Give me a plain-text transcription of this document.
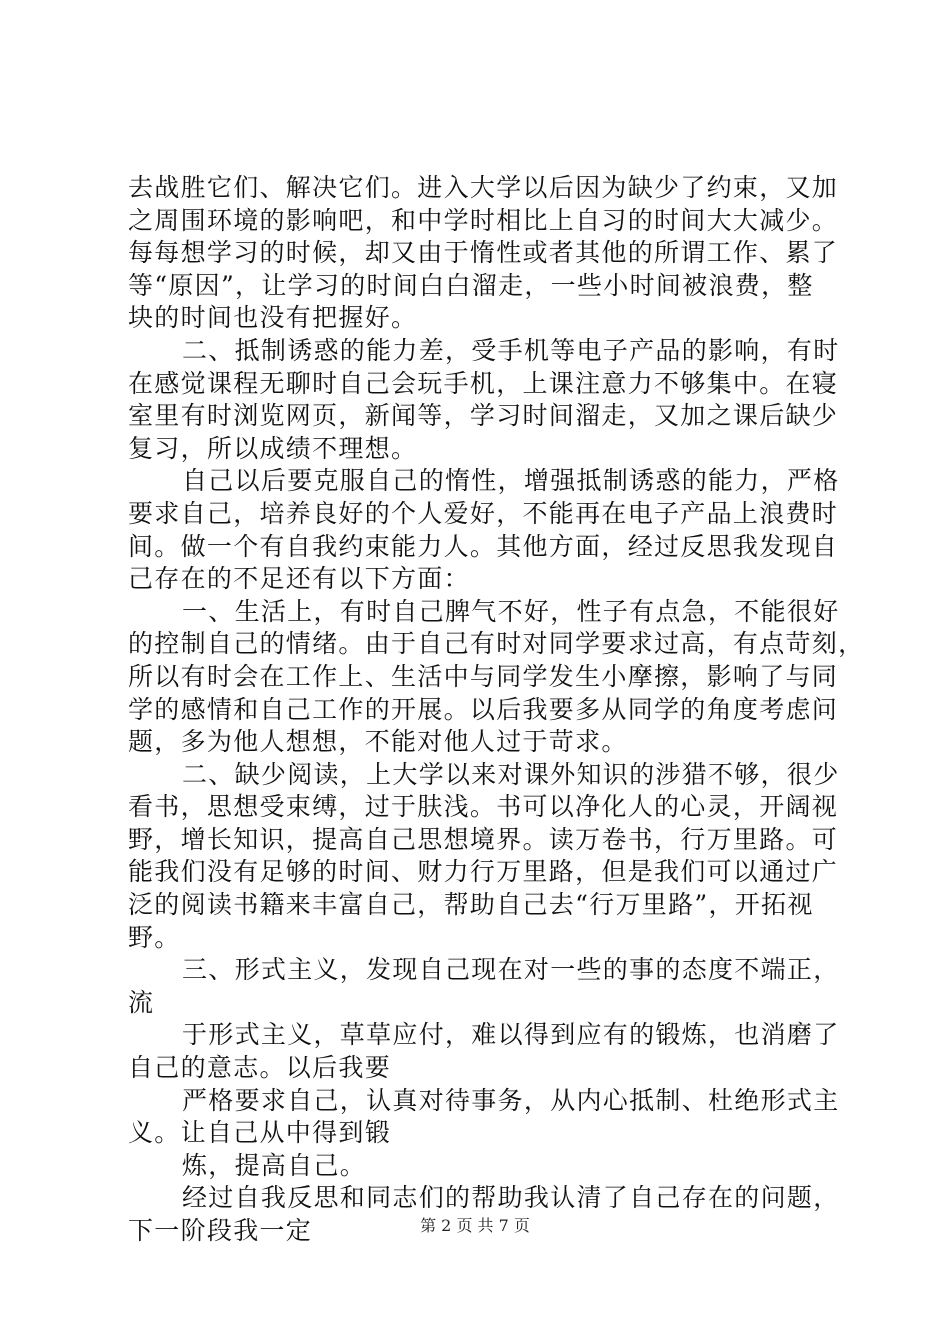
去战胜它们、解决它们。进入大学以后因为缺少了约束，又加
之周围环境的影响吧，和中学时相比上自习的时间大大减少。
每每想学习的时候，却又由于惰性或者其他的所谓工作、累了
等“原因”，让学习的时间白白溜走，一些小时间被浪费，整
块的时间也没有把握好。
二、抵制诱惑的能力差，受手机等电子产品的影响，有时
在感觉课程无聊时自己会玩手机，上课注意力不够集中。在寝
室里有时浏览网页，新闻等，学习时间溜走，又加之课后缺少
复习，所以成绩不理想。
自己以后要克服自己的惰性，增强抵制诱惑的能力，严格
要求自己，培养良好的个人爱好，不能再在电子产品上浪费时
间。做一个有自我约束能力人。其他方面，经过反思我发现自
己存在的不足还有以下方面：
一、生活上，有时自己脾气不好，性子有点急，不能很好
的控制自己的情绪。由于自己有时对同学要求过高，有点苛刻，
所以有时会在工作上、生活中与同学发生小摩擦，影响了与同
学的感情和自己工作的开展。以后我要多从同学的角度考虑问
题，多为他人想想，不能对他人过于苛求。
二、缺少阅读，上大学以来对课外知识的涉猎不够，很少
看书，思想受束缚，过于肤浅。书可以净化人的心灵，开阔视
野，增长知识，提高自己思想境界。读万卷书，行万里路。可
能我们没有足够的时间、财力行万里路，但是我们可以通过广
泛的阅读书籍来丰富自己，帮助自己去“行万里路”，开拓视
野。
三、形式主义，发现自己现在对一些的事的态度不端正，
流
于形式主义，草草应付，难以得到应有的锻炼，也消磨了
自己的意志。以后我要
严格要求自己，认真对待事务，从内心抵制、杜绝形式主
义。让自己从中得到锻
炼，提高自己。
经过自我反思和同志们的帮助我认清了自己存在的问题，
下一阶段我一定	第 2 页 共 7 页
